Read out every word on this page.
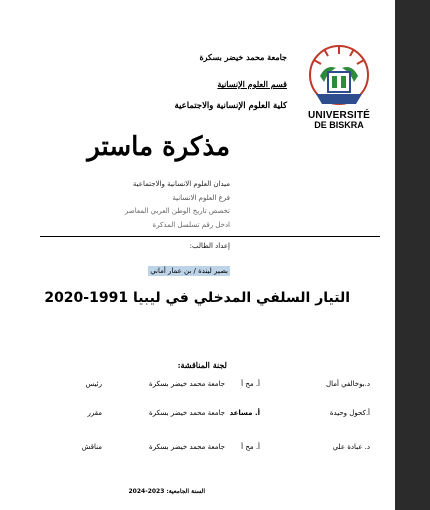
UNIVERSITÉ
DE BISKRA
جامعة محمد خيضر بسكرة
قسم العلوم الإنسانية
كلية العلوم الإنسانية والاجتماعية
مذكرة ماستر
ميدان العلوم الانسانية والاجتماعية
فرع العلوم الانسانية
تخصص تاريخ الوطن العربي المعاصر
ادخل رقم تسلسل المذكرة
إعداد الطالب:
بصير ليندة / بن عمار أماني
التيار السلفي المدخلي في ليبيا 1991-2020
لجنة المناقشة:
د.بوخالفي أمال
أ. مح أ
جامعة محمد خيضر بسكرة
رئيس
أ.كحول وحيدة
أ. مساعد
جامعة محمد خيضر بسكرة
مقرر
د. عبادة علي
أ. مح أ
جامعة محمد خيضر بسكرة
مناقش
السنة الجامعية: 2023-2024
